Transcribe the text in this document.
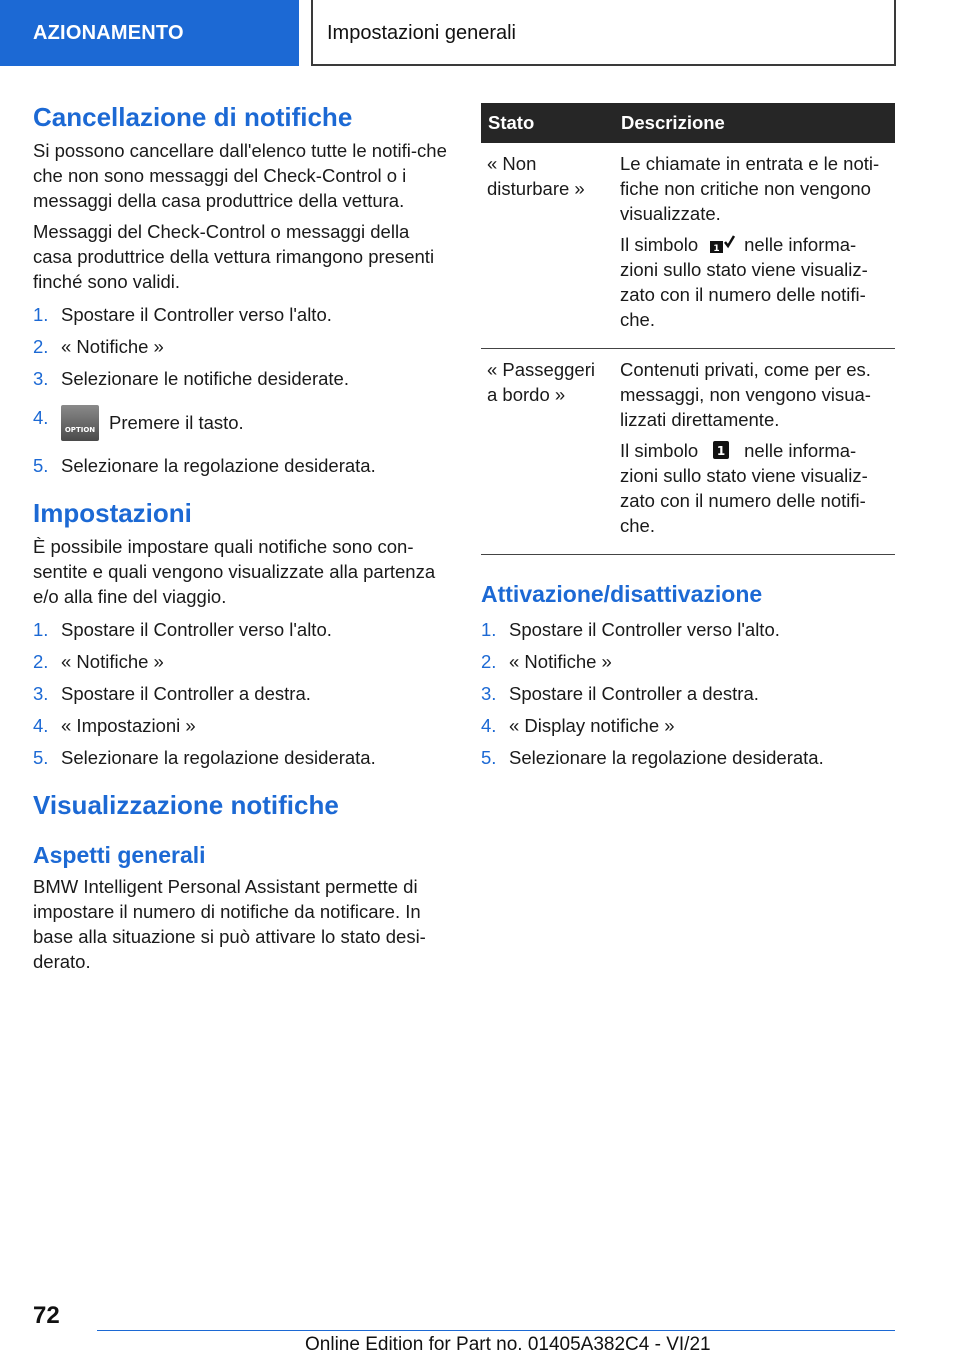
AZIONAMENTO	Impostazioni generali
Cancellazione di notifiche

Si possono cancellare dall'elenco tutte le notifi-che che non sono messaggi del Check-Control o i messaggi della casa produttrice della vettura.

Messaggi del Check-Control o messaggi della casa produttrice della vettura rimangono presenti finché sono validi.

1. Spostare il Controller verso l'alto.
2. « Notifiche »
3. Selezionare le notifiche desiderate.
4.
OPTION Premere il tasto.
5. Selezionare la regolazione desiderata.
Impostazioni

È possibile impostare quali notifiche sono con-sentite e quali vengono visualizzate alla partenza e/o alla fine del viaggio.

1. Spostare il Controller verso l'alto.
2. « Notifiche »
3. Spostare il Controller a destra.
4. « Impostazioni »
5. Selezionare la regolazione desiderata.
Visualizzazione notifiche
Aspetti generali

BMW Intelligent Personal Assistant permette di impostare il numero di notifiche da notificare. In base alla situazione si può attivare lo stato desi-derato.

Stato	Descrizione
« Non disturbare »	Le chiamate in entrata e le noti-fiche non critiche non vengono visualizzate.

Il simbolo 1 nelle informa-zioni sullo stato viene visualiz-zato con il numero delle notifi-che.

« Passeggeri a bordo »	Contenuti privati, come per es. messaggi, non vengono visua-lizzati direttamente.

Il simbolo 1 nelle informa-zioni sullo stato viene visualiz-zato con il numero delle notifi-che.

Attivazione/disattivazione
1. Spostare il Controller verso l'alto.
2. « Notifiche »
3. Spostare il Controller a destra.
4. « Display notifiche »
5. Selezionare la regolazione desiderata.
72
Online Edition for Part no. 01405A382C4 - VI/21
